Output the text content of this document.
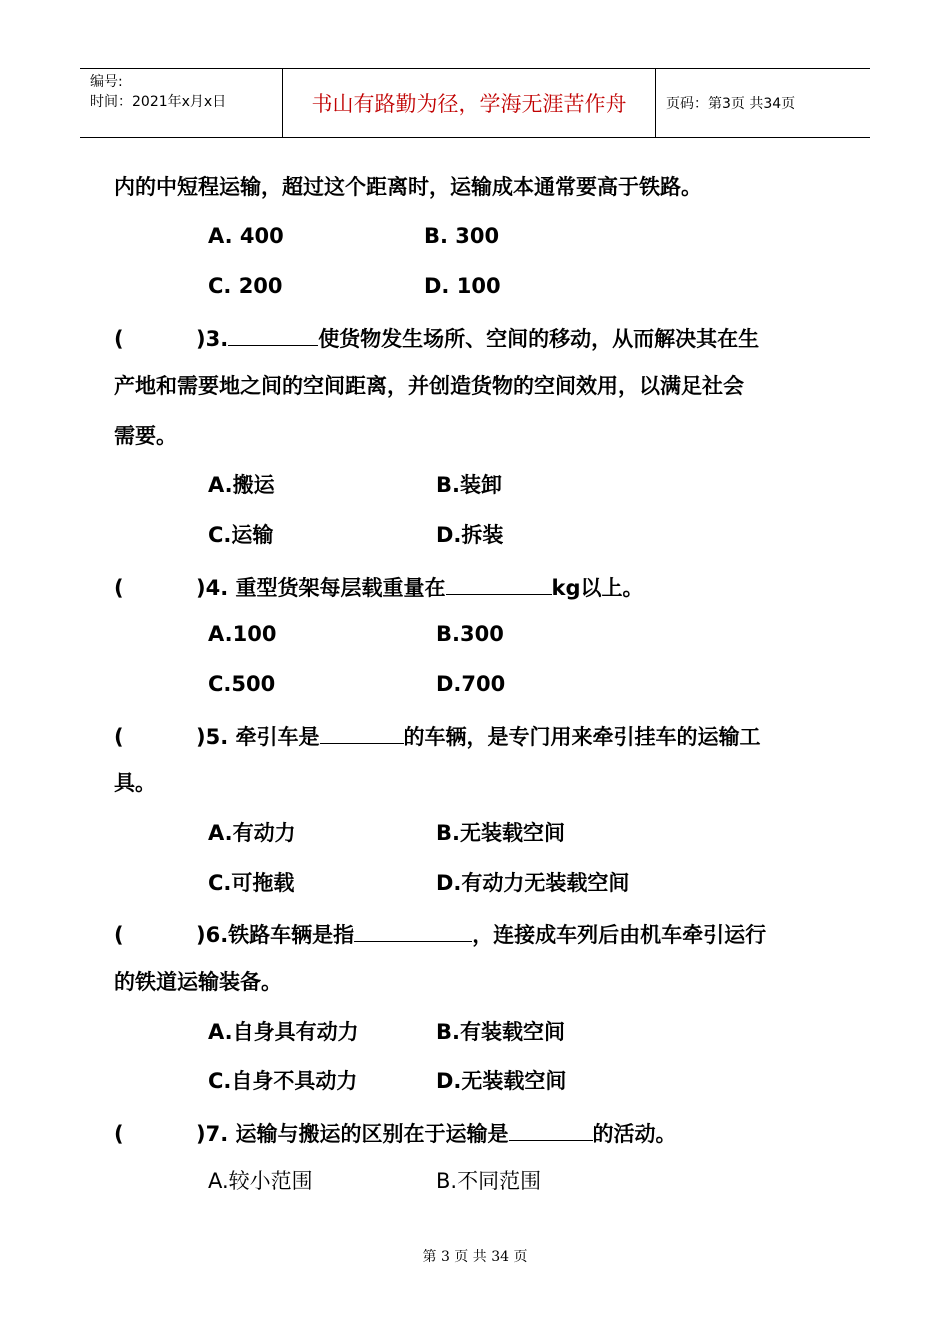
编号:
时间：2021年x月x日	书山有路勤为径，学海无涯苦作舟	页码：第3页 共34页
内的中短程运输，超过这个距离时，运输成本通常要高于铁路。
A. 400	B. 300
C. 200	D. 100
(	)3.	使货物发生场所、空间的移动，从而解决其在生
产地和需要地之间的空间距离，并创造货物的空间效用，以满足社会
需要。
A.搬运	B.装卸
C.运输	D.拆装
(	)4. 重型货架每层载重量在	kg以上。
A.100	B.300
C.500	D.700
(	)5. 牵引车是	的车辆，是专门用来牵引挂车的运输工
具。
A.有动力	B.无装载空间
C.可拖载	D.有动力无装载空间
(	)6.铁路车辆是指	，连接成车列后由机车牵引运行
的铁道运输装备。
A.自身具有动力	B.有装载空间
C.自身不具动力	D.无装载空间
(	)7. 运输与搬运的区别在于运输是	的活动。
A.较小范围	B.不同范围
第 3 页 共 34 页
